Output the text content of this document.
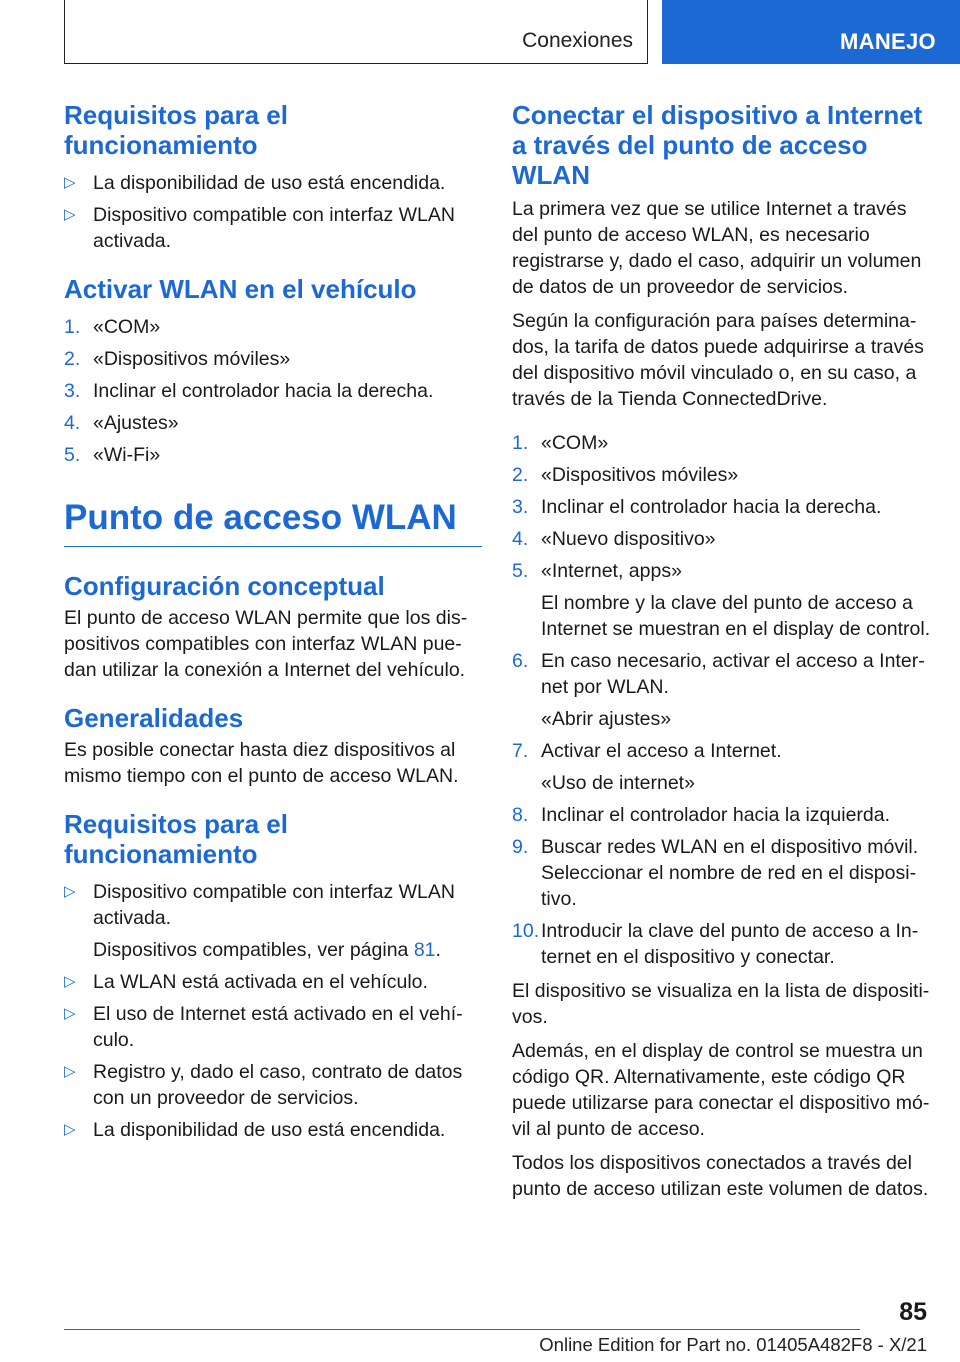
Conexiones	MANEJO
Requisitos para el funcionamiento
▷ La disponibilidad de uso está encendida.
▷ Dispositivo compatible con interfaz WLAN activada.
Activar WLAN en el vehículo
1. «COM»
2. «Dispositivos móviles»
3. Inclinar el controlador hacia la derecha.
4. «Ajustes»
5. «Wi-Fi»
Punto de acceso WLAN
Configuración conceptual

El punto de acceso WLAN permite que los dispositivos compatibles con interfaz WLAN puedan utilizar la conexión a Internet del vehículo.

Generalidades

Es posible conectar hasta diez dispositivos al mismo tiempo con el punto de acceso WLAN.

Requisitos para el funcionamiento
▷ Dispositivo compatible con interfaz WLAN activada.
Dispositivos compatibles, ver página 81.
▷ La WLAN está activada en el vehículo.
▷ El uso de Internet está activado en el vehículo.
▷ Registro y, dado el caso, contrato de datos con un proveedor de servicios.
▷ La disponibilidad de uso está encendida.
Conectar el dispositivo a Internet a través del punto de acceso WLAN

La primera vez que se utilice Internet a través del punto de acceso WLAN, es necesario registrarse y, dado el caso, adquirir un volumen de datos de un proveedor de servicios.

Según la configuración para países determinados, la tarifa de datos puede adquirirse a través del dispositivo móvil vinculado o, en su caso, a través de la Tienda ConnectedDrive.

1. «COM»
2. «Dispositivos móviles»
3. Inclinar el controlador hacia la derecha.
4. «Nuevo dispositivo»
5. «Internet, apps»
El nombre y la clave del punto de acceso a Internet se muestran en el display de control.
6. En caso necesario, activar el acceso a Internet por WLAN.
«Abrir ajustes»
7. Activar el acceso a Internet.
«Uso de internet»
8. Inclinar el controlador hacia la izquierda.
9. Buscar redes WLAN en el dispositivo móvil. Seleccionar el nombre de red en el dispositivo.
10. Introducir la clave del punto de acceso a Internet en el dispositivo y conectar.

El dispositivo se visualiza en la lista de dispositivos.

Además, en el display de control se muestra un código QR. Alternativamente, este código QR puede utilizarse para conectar el dispositivo móvil al punto de acceso.

Todos los dispositivos conectados a través del punto de acceso utilizan este volumen de datos.

85
Online Edition for Part no. 01405A482F8 - X/21
